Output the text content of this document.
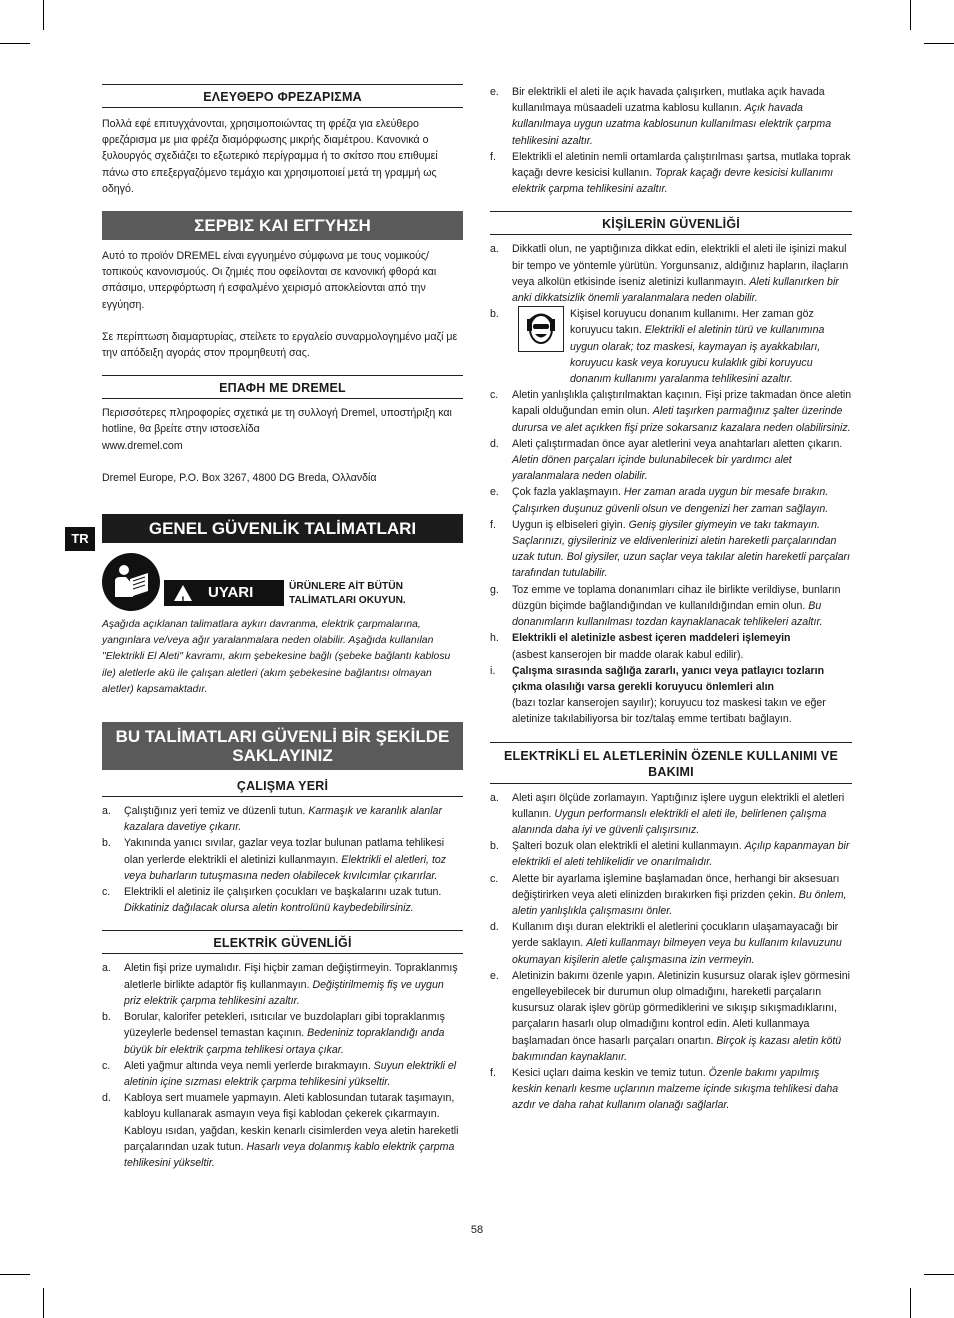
TR
ΕΛΕΥΘΕΡΟ ΦΡΕΖΑΡΙΣΜΑ

Πολλά εφέ επιτυγχάνονται, χρησιμοποιώντας τη φρέζα για ελεύθερο φρεζάρισμα με μια φρέζα διαμόρφωσης μικρής διαμέτρου. Κανονικά ο ξυλουργός σχεδιάζει το εξωτερικό περίγραμμα ή το σκίτσο που επιθυμεί πάνω στο επεξεργαζόμενο τεμάχιο και χρησιμοποιεί μετά τη γραμμή ως οδηγό.

ΣΕΡΒΙΣ ΚΑΙ ΕΓΓΥΗΣΗ

Αυτό το προϊόν DREMEL είναι εγγυημένο σύμφωνα με τους νομικούς/ τοπικούς κανονισμούς. Οι ζημιές που οφείλονται σε κανονική φθορά και σπάσιμο, υπερφόρτωση ή εσφαλμένο χειρισμό αποκλείονται από την εγγύηση.

Σε περίπτωση διαμαρτυρίας, στείλετε το εργαλείο συναρμολογημένο μαζί με την απόδειξη αγοράς στον προμηθευτή σας.

ΕΠΑΦΗ ΜΕ DREMEL

Περισσότερες πληροφορίες σχετικά με τη συλλογή Dremel, υποστήριξη και hotline, θα βρείτε στην ιστοσελίδα

www.dremel.com

Dremel Europe, P.O. Box 3267, 4800 DG Breda, Ολλανδία

GENEL GÜVENLİK TALİMATLARI
! UYARI	ÜRÜNLERE AİT BÜTÜN
TALİMATLARI OKUYUN.

Aşağıda açıklanan talimatlara aykırı davranma, elektrik çarpmalarına, yangınlara ve/veya ağır yaralanmalara neden olabilir. Aşağıda kullanılan "Elektrikli El Aleti" kavramı, akım şebekesine bağlı (şebeke bağlantı kablosu ile) aletlerle akü ile çalışan aletleri (akım şebekesine bağlantısı olmayan aletler) kapsamaktadır.

BU TALİMATLARI GÜVENLİ BİR ŞEKİLDE SAKLAYINIZ
ÇALIŞMA YERİ
a. Çalıştığınız yeri temiz ve düzenli tutun. Karmaşık ve karanlık alanlar kazalara davetiye çıkarır.
b. Yakınında yanıcı sıvılar, gazlar veya tozlar bulunan patlama tehlikesi olan yerlerde elektrikli el aletinizi kullanmayın. Elektrikli el aletleri, toz veya buharların tutuşmasına neden olabilecek kıvılcımlar çıkarırlar.
c. Elektrikli el aletiniz ile çalışırken çocukları ve başkalarını uzak tutun. Dikkatiniz dağılacak olursa aletin kontrolünü kaybedebilirsiniz.
ELEKTRİK GÜVENLİĞİ
a. Aletin fişi prize uymalıdır. Fişi hiçbir zaman değiştirmeyin. Topraklanmış aletlerle birlikte adaptör fiş kullanmayın. Değiştirilmemiş fiş ve uygun priz elektrik çarpma tehlikesini azaltır.
b. Borular, kalorifer petekleri, ısıtıcılar ve buzdolapları gibi topraklanmış yüzeylerle bedensel temastan kaçının. Bedeniniz topraklandığı anda büyük bir elektrik çarpma tehlikesi ortaya çıkar.
c. Aleti yağmur altında veya nemli yerlerde bırakmayın. Suyun elektrikli el aletinin içine sızması elektrik çarpma tehlikesini yükseltir.
d. Kabloya sert muamele yapmayın. Aleti kablosundan tutarak taşımayın, kabloyu kullanarak asmayın veya fişi kablodan çekerek çıkarmayın. Kabloyu ısıdan, yağdan, keskin kenarlı cisimlerden veya aletin hareketli parçalarından uzak tutun. Hasarlı veya dolanmış kablo elektrik çarpma tehlikesini yükseltir.
e. Bir elektrikli el aleti ile açık havada çalışırken, mutlaka açık havada kullanılmaya müsaadeli uzatma kablosu kullanın. Açık havada kullanılmaya uygun uzatma kablosunun kullanılması elektrik çarpma tehlikesini azaltır.
f. Elektrikli el aletinin nemli ortamlarda çalıştırılması şartsa, mutlaka toprak kaçağı devre kesicisi kullanın. Toprak kaçağı devre kesicisi kullanımı elektrik çarpma tehlikesini azaltır.
KİŞİLERİN GÜVENLİĞİ
a. Dikkatli olun, ne yaptığınıza dikkat edin, elektrikli el aleti ile işinizi makul bir tempo ve yöntemle yürütün. Yorgunsanız, aldığınız hapların, ilaçların veya alkolün etkisinde iseniz aletinizi kullanmayın. Aleti kullanırken bir anki dikkatsizlik önemli yaralanmalara neden olabilir.
b.	Kişisel koruyucu donanım kullanımı. Her zaman göz koruyucu takın. Elektrikli el aletinin türü ve kullanımına uygun olarak; toz maskesi, kaymayan iş ayakkabıları, koruyucu kask veya koruyucu kulaklık gibi koruyucu donanım kullanımı yaralanma tehlikesini azaltır.
c. Aletin yanlışlıkla çalıştırılmaktan kaçının. Fişi prize takmadan önce aletin kapali olduğundan emin olun. Aleti taşırken parmağınız şalter üzerinde durursa ve alet açıkken fişi prize sokarsanız kazalara neden olabilirsiniz.
d. Aleti çalıştırmadan önce ayar aletlerini veya anahtarları aletten çıkarın. Aletin dönen parçaları içinde bulunabilecek bir yardımcı alet yaralanmalara neden olabilir.
e. Çok fazla yaklaşmayın. Her zaman arada uygun bir mesafe bırakın. Çalışırken duşunuz güvenli olsun ve dengenizi her zaman sağlayın.
f. Uygun iş elbiseleri giyin. Geniş giysiler giymeyin ve takı takmayın. Saçlarınızı, giysileriniz ve eldivenlerinizi aletin hareketli parçalarından uzak tutun. Bol giysiler, uzun saçlar veya takılar aletin hareketli parçaları tarafından tutulabilir.
g. Toz emme ve toplama donanımları cihaz ile birlikte verildiyse, bunların düzgün biçimde bağlandığından ve kullanıldığından emin olun. Bu donanımların kullanılması tozdan kaynaklanacak tehlikeleri azaltır.
h. Elektrikli el aletinizle asbest içeren maddeleri işlemeyin
(asbest kanserojen bir madde olarak kabul edilir).
i. Çalışma sırasında sağlığa zararlı, yanıcı veya patlayıcı tozların çıkma olasılığı varsa gerekli koruyucu önlemleri alın
(bazı tozlar kanserojen sayılır); koruyucu toz maskesi takın ve eğer aletinize takılabiliyorsa bir toz/talaş emme tertibatı bağlayın.
ELEKTRİKLİ EL ALETLERİNİN ÖZENLE KULLANIMI VE BAKIMI
a. Aleti aşırı ölçüde zorlamayın. Yaptığınız işlere uygun elektrikli el aletleri kullanın. Uygun performanslı elektrikli el aleti ile, belirlenen çalışma alanında daha iyi ve güvenli çalışırsınız.
b. Şalteri bozuk olan elektrikli el aletini kullanmayın. Açılıp kapanmayan bir elektrikli el aleti tehlikelidir ve onarılmalıdır.
c. Alette bir ayarlama işlemine başlamadan önce, herhangi bir aksesuarı değiştirirken veya aleti elinizden bırakırken fişi prizden çekin. Bu önlem, aletin yanlışlıkla çalışmasını önler.
d. Kullanım dışı duran elektrikli el aletlerini çocukların ulaşamayacağı bir yerde saklayın. Aleti kullanmayı bilmeyen veya bu kullanım kılavuzunu okumayan kişilerin aletle çalışmasına izin vermeyin.
e. Aletinizin bakımı özenle yapın. Aletinizin kusursuz olarak işlev görmesini engelleyebilecek bir durumun olup olmadığını, hareketli parçaların kusursuz olarak işlev görüp görmediklerini ve sıkışıp sıkışmadıklarını, parçaların hasarlı olup olmadığını kontrol edin. Aleti kullanmaya başlamadan önce hasarlı parçaları onartın. Birçok iş kazası aletin kötü bakımından kaynaklanır.
f. Kesici uçları daima keskin ve temiz tutun. Özenle bakımı yapılmış keskin kenarlı kesme uçlarının malzeme içinde sıkışma tehlikesi daha azdır ve daha rahat kullanım olanağı sağlarlar.
58
